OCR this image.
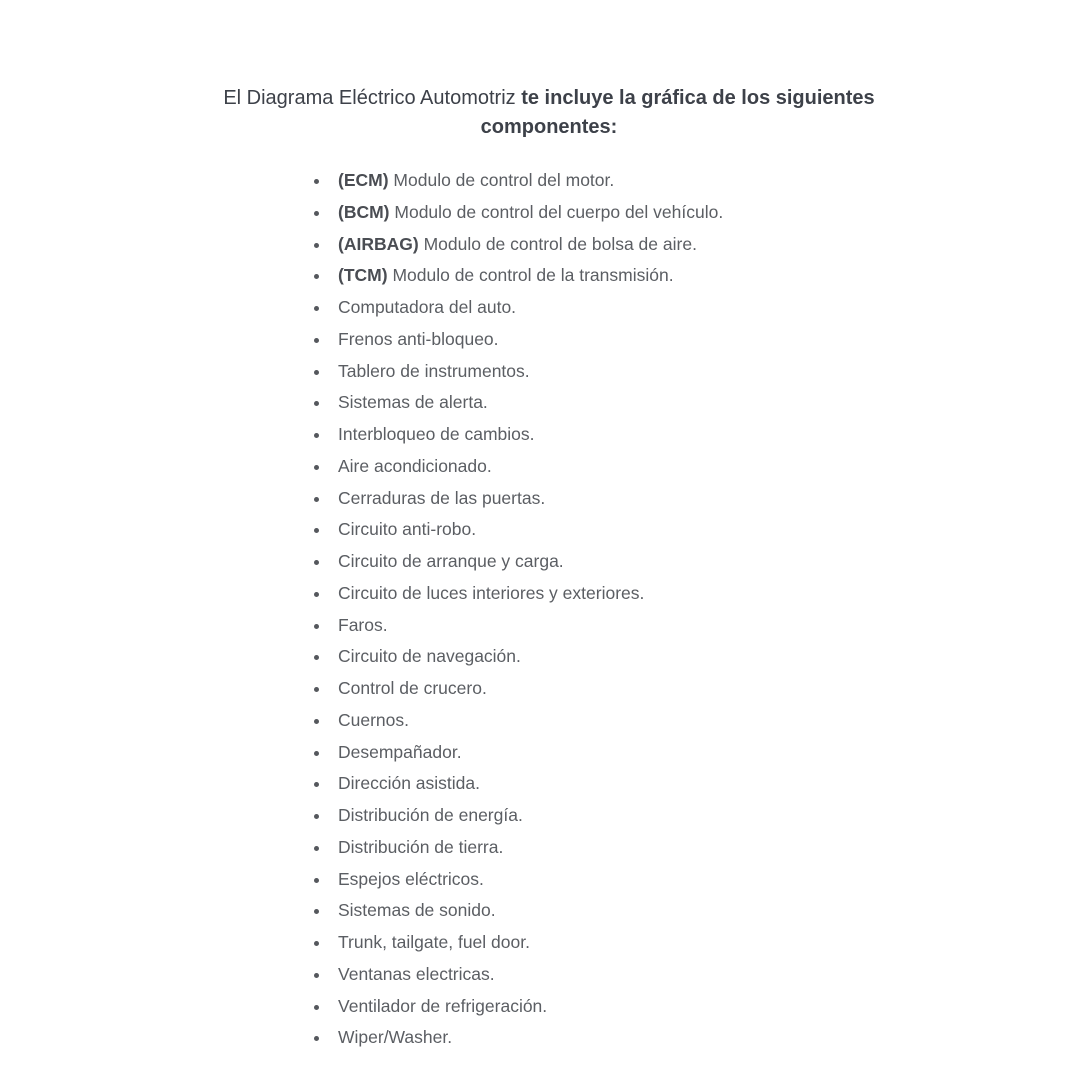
El Diagrama Eléctrico Automotriz te incluye la gráfica de los siguientes componentes:
(ECM) Modulo de control del motor.
(BCM) Modulo de control del cuerpo del vehículo.
(AIRBAG) Modulo de control de bolsa de aire.
(TCM) Modulo de control de la transmisión.
Computadora del auto.
Frenos anti-bloqueo.
Tablero de instrumentos.
Sistemas de alerta.
Interbloqueo de cambios.
Aire acondicionado.
Cerraduras de las puertas.
Circuito anti-robo.
Circuito de arranque y carga.
Circuito de luces interiores y exteriores.
Faros.
Circuito de navegación.
Control de crucero.
Cuernos.
Desempañador.
Dirección asistida.
Distribución de energía.
Distribución de tierra.
Espejos eléctricos.
Sistemas de sonido.
Trunk, tailgate, fuel door.
Ventanas electricas.
Ventilador de refrigeración.
Wiper/Washer.
